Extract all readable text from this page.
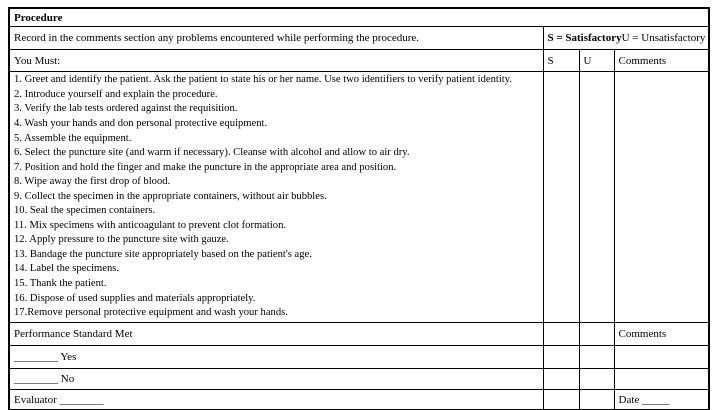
Procedure			
Record in the comments section any problems encountered while performing the procedure.	S = SatisfactoryU = Unsatisfactory		
You Must:	S	U	Comments

1. Greet and identify the patient. Ask the patient to state his or her name. Use two identifiers to verify patient identity.
2. Introduce yourself and explain the procedure.
3. Verify the lab tests ordered against the requisition.
4. Wash your hands and don personal protective equipment.
5. Assemble the equipment.
6. Select the puncture site (and warm if necessary). Cleanse with alcohol and allow to air dry.
7. Position and hold the finger and make the puncture in the appropriate area and position.
8. Wipe away the first drop of blood.
9. Collect the specimen in the appropriate containers, without air bubbles.
10. Seal the specimen containers.
11. Mix specimens with anticoagulant to prevent clot formation.
12. Apply pressure to the puncture site with gauze.
13. Bandage the puncture site appropriately based on the patient's age.
14. Label the specimens.
15. Thank the patient.
16. Dispose of used supplies and materials appropriately.
17.Remove personal protective equipment and wash your hands.

Performance Standard Met			Comments
________ Yes			
________ No			
Evaluator ________			Date _____
